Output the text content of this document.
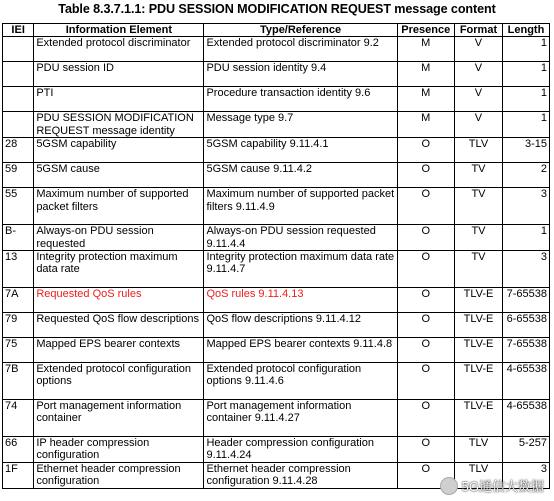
Table 8.3.7.1.1: PDU SESSION MODIFICATION REQUEST message content
IEI	Information Element	Type/Reference	Presence	Format	Length
	Extended protocol discriminator	Extended protocol discriminator 9.2	M	V	1
	PDU session ID	PDU session identity 9.4	M	V	1
	PTI	Procedure transaction identity 9.6	M	V	1
	PDU SESSION MODIFICATION REQUEST message identity	Message type 9.7	M	V	1
28	5GSM capability	5GSM capability 9.11.4.1	O	TLV	3-15
59	5GSM cause	5GSM cause 9.11.4.2	O	TV	2
55	Maximum number of supported packet filters	Maximum number of supported packet filters 9.11.4.9	O	TV	3
B-	Always-on PDU session requested	Always-on PDU session requested 9.11.4.4	O	TV	1
13	Integrity protection maximum data rate	Integrity protection maximum data rate 9.11.4.7	O	TV	3
7A	Requested QoS rules	QoS rules 9.11.4.13	O	TLV-E	7-65538
79	Requested QoS flow descriptions	QoS flow descriptions 9.11.4.12	O	TLV-E	6-65538
75	Mapped EPS bearer contexts	Mapped EPS bearer contexts 9.11.4.8	O	TLV-E	7-65538
7B	Extended protocol configuration options	Extended protocol configuration options 9.11.4.6	O	TLV-E	4-65538
74	Port management information container	Port management information container 9.11.4.27	O	TLV-E	4-65538
66	IP header compression configuration	Header compression configuration 9.11.4.24	O	TLV	5-257
1F	Ethernet header compression configuration	Ethernet header compression configuration 9.11.4.28	O	TLV	3
5G通信大数据
